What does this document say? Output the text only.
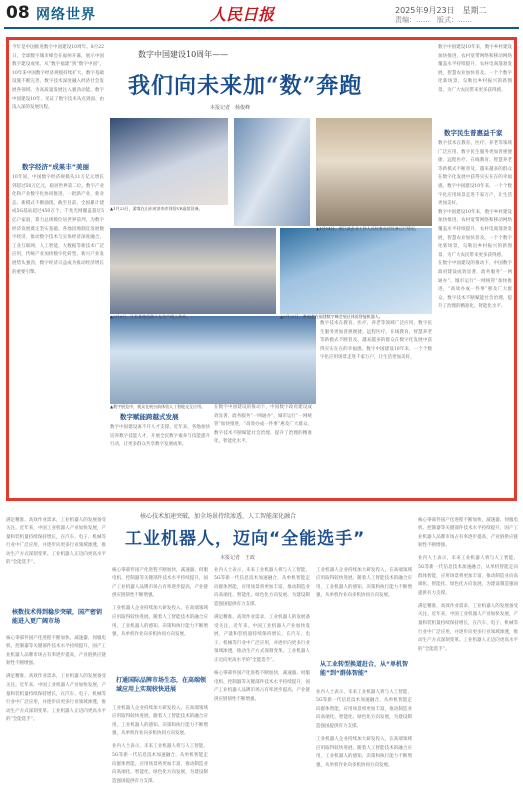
08 网络世界	人民日报	2025年9月23日　星期二
责编：……　版式：……

今年是中国推进数字中国建设10周年。8月22日，全球数字城市峰会在福州开幕，展示中国数字建设成果。从“数字福建”到“数字中国”，10年来中国数字经济规模持续扩大，数字基础设施不断完善，数字技术深度融入经济社会发展各领域，为高质量发展注入强劲动能。数字中国建设10年，见证了数字技术从点到面、由浅入深的发展历程。

数字经济“成果丰”美丽

10年间，中国数字经济规模从11万亿元增长到超过50万亿元，稳居世界第二位。数字产业化和产业数字化协同推进，一批新产业、新业态、新模式不断涌现。截至目前，全国累计建成5G基站超过450万个，千兆光网覆盖超过5亿户家庭，算力总规模位居世界前列，为数字经济发展奠定坚实基础。各地因地制宜发展数字经济，推动数字技术与实体经济深度融合，工业互联网、人工智能、大数据等新技术广泛应用，传统产业加快数字化转型，新兴产业发展势头强劲，数字经济日益成为推动经济增长的重要引擎。

数字中国建设10周年——
我们向未来加“数”奔跑
本报记者　杨俊峰
▲1月23日，游客在山东省济南市体验VR虚拟设备。
▲1月14日，浙江某企业工作人员检查光伏设备运行情况。
▲6月25日，参观者在福建数字峰会展区体验智能机器人。
▲5月6日，江苏某地机器人在生产线上作业。
▲数字展览中，观众在展台前体验人工智能交互应用。
数字赋能跨越式发展

数字中国建设离不开人才支撑。近年来，各地加快培养数字技能人才，开展全民数字素养与技能提升行动，让更多群众共享数字发展成果。

在数字中国建设的推动下，中国数字政府建设成效显著，政务服务“一网通办”、城市运行“一网统管”加快推进，“高效办成一件事”惠及广大群众。数字技术不断赋能社会治理，提升了治理的精准化、智能化水平。

数字技术在教育、医疗、养老等领域广泛应用，数字民生服务更加普惠便捷。远程医疗、在线教育、智慧养老等新模式不断普及，越来越多的群众在数字化发展中获得实实在在的幸福感。数字中国建设10年来，一个个数字化应用场景走进千家万户，让生活更加美好。

数字中国建设10年来，数字乡村建设加快推进，农村宽带网络和移动网络覆盖水平持续提升，农村电商蓬勃发展，智慧农业加快普及。一个个数字化新场景，勾勒出乡村振兴的新图景，为广大农民带来更多获得感。

数字民生普惠益千家

数字技术在教育、医疗、养老等领域广泛应用，数字民生服务更加普惠便捷。远程医疗、在线教育、智慧养老等新模式不断普及，越来越多的群众在数字化发展中获得实实在在的幸福感。数字中国建设10年来，一个个数字化应用场景走进千家万户，让生活更加美好。

数字中国建设10年来，数字乡村建设加快推进，农村宽带网络和移动网络覆盖水平持续提升，农村电商蓬勃发展，智慧农业加快普及。一个个数字化新场景，勾勒出乡村振兴的新图景，为广大农民带来更多获得感。

在数字中国建设的推动下，中国数字政府建设成效显著，政务服务“一网通办”、城市运行“一网统管”加快推进，“高效办成一件事”惠及广大群众。数字技术不断赋能社会治理，提升了治理的精准化、智能化水平。

核心技术加速突破，加全场景持续渗透，人工智能深化融合
工业机器人，迈向“全能选手”
本报记者　王政

满足精准、高效作业需求，工业机器人的发展备受关注。近年来，中国工业机器人产业加快发展，产量和装机量持续保持增长，在汽车、电子、机械等行业中广泛应用，并逐步向更多行业领域渗透，推动生产方式深刻变革。工业机器人正迈向更高水平的“全能选手”。

核数技术得到稳步突破，国产密钥能进入更广阔市场

核心零部件国产化进程不断加快，减速器、伺服电机、控制器等关键部件技术水平持续提升，国产工业机器人品牌市场占有率逐步提高，产业链供应链韧性不断增强。

满足精准、高效作业需求，工业机器人的发展备受关注。近年来，中国工业机器人产业加快发展，产量和装机量持续保持增长，在汽车、电子、机械等行业中广泛应用，并逐步向更多行业领域渗透，推动生产方式深刻变革。工业机器人正迈向更高水平的“全能选手”。

核心零部件国产化进程不断加快，减速器、伺服电机、控制器等关键部件技术水平持续提升，国产工业机器人品牌市场占有率逐步提高，产业链供应链韧性不断增强。

工业机器人企业持续加大研发投入，在高端领域应用取得较快进展。随着人工智能技术的融合应用，工业机器人的感知、决策和执行能力不断增强，从单机作业向多机协同方向发展。

打通国际品牌市场生态，在高端领域应用上实现较快进展

工业机器人企业持续加大研发投入，在高端领域应用取得较快进展。随着人工智能技术的融合应用，工业机器人的感知、决策和执行能力不断增强，从单机作业向多机协同方向发展。

业内人士表示，未来工业机器人将与人工智能、5G等新一代信息技术加速融合，从单机智能走向群体智能，应用场景将更加丰富，推动制造业向高端化、智能化、绿色化方向发展，为建设制造强国提供有力支撑。

业内人士表示，未来工业机器人将与人工智能、5G等新一代信息技术加速融合，从单机智能走向群体智能，应用场景将更加丰富，推动制造业向高端化、智能化、绿色化方向发展，为建设制造强国提供有力支撑。

满足精准、高效作业需求，工业机器人的发展备受关注。近年来，中国工业机器人产业加快发展，产量和装机量持续保持增长，在汽车、电子、机械等行业中广泛应用，并逐步向更多行业领域渗透，推动生产方式深刻变革。工业机器人正迈向更高水平的“全能选手”。

核心零部件国产化进程不断加快，减速器、伺服电机、控制器等关键部件技术水平持续提升，国产工业机器人品牌市场占有率逐步提高，产业链供应链韧性不断增强。

工业机器人企业持续加大研发投入，在高端领域应用取得较快进展。随着人工智能技术的融合应用，工业机器人的感知、决策和执行能力不断增强，从单机作业向多机协同方向发展。

从工业转型换道赶合，从“单机智能”到“群体智能”

业内人士表示，未来工业机器人将与人工智能、5G等新一代信息技术加速融合，从单机智能走向群体智能，应用场景将更加丰富，推动制造业向高端化、智能化、绿色化方向发展，为建设制造强国提供有力支撑。

工业机器人企业持续加大研发投入，在高端领域应用取得较快进展。随着人工智能技术的融合应用，工业机器人的感知、决策和执行能力不断增强，从单机作业向多机协同方向发展。

核心零部件国产化进程不断加快，减速器、伺服电机、控制器等关键部件技术水平持续提升，国产工业机器人品牌市场占有率逐步提高，产业链供应链韧性不断增强。

业内人士表示，未来工业机器人将与人工智能、5G等新一代信息技术加速融合，从单机智能走向群体智能，应用场景将更加丰富，推动制造业向高端化、智能化、绿色化方向发展，为建设制造强国提供有力支撑。

满足精准、高效作业需求，工业机器人的发展备受关注。近年来，中国工业机器人产业加快发展，产量和装机量持续保持增长，在汽车、电子、机械等行业中广泛应用，并逐步向更多行业领域渗透，推动生产方式深刻变革。工业机器人正迈向更高水平的“全能选手”。
